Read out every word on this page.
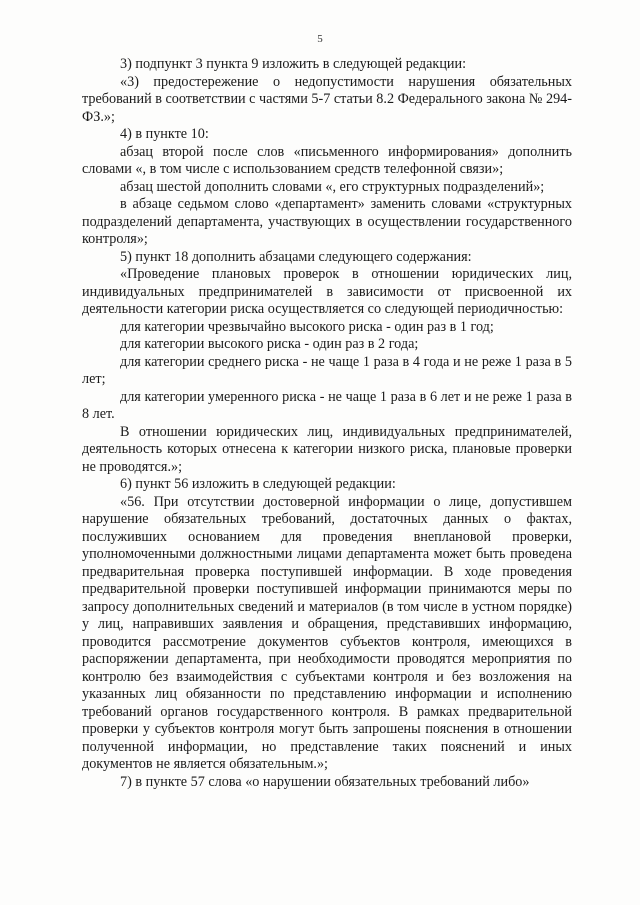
5

3) подпункт 3 пункта 9 изложить в следующей редакции:

«3) предостережение о недопустимости нарушения обязательных требований в соответствии с частями 5-7 статьи 8.2 Федерального закона № 294-ФЗ.»;

4) в пункте 10:

абзац второй после слов «письменного информирования» дополнить словами «, в том числе с использованием средств телефонной связи»;

абзац шестой дополнить словами «, его структурных подразделений»;

в абзаце седьмом слово «департамент» заменить словами «структурных подразделений департамента, участвующих в осуществлении государственного контроля»;

5) пункт 18 дополнить абзацами следующего содержания:

«Проведение плановых проверок в отношении юридических лиц, индивидуальных предпринимателей в зависимости от присвоенной их деятельности категории риска осуществляется со следующей периодичностью:

для категории чрезвычайно высокого риска - один раз в 1 год;

для категории высокого риска - один раз в 2 года;

для категории среднего риска - не чаще 1 раза в 4 года и не реже 1 раза в 5 лет;

для категории умеренного риска - не чаще 1 раза в 6 лет и не реже 1 раза в 8 лет.

В отношении юридических лиц, индивидуальных предпринимателей, деятельность которых отнесена к категории низкого риска, плановые проверки не проводятся.»;

6) пункт 56 изложить в следующей редакции:

«56. При отсутствии достоверной информации о лице, допустившем нарушение обязательных требований, достаточных данных о фактах, послуживших основанием для проведения внеплановой проверки, уполномоченными должностными лицами департамента может быть проведена предварительная проверка поступившей информации. В ходе проведения предварительной проверки поступившей информации принимаются меры по запросу дополнительных сведений и материалов (в том числе в устном порядке) у лиц, направивших заявления и обращения, представивших информацию, проводится рассмотрение документов субъектов контроля, имеющихся в распоряжении департамента, при необходимости проводятся мероприятия по контролю без взаимодействия с субъектами контроля и без возложения на указанных лиц обязанности по представлению информации и исполнению требований органов государственного контроля. В рамках предварительной проверки у субъектов контроля могут быть запрошены пояснения в отношении полученной информации, но представление таких пояснений и иных документов не является обязательным.»;

7) в пункте 57 слова «о нарушении обязательных требований либо»
